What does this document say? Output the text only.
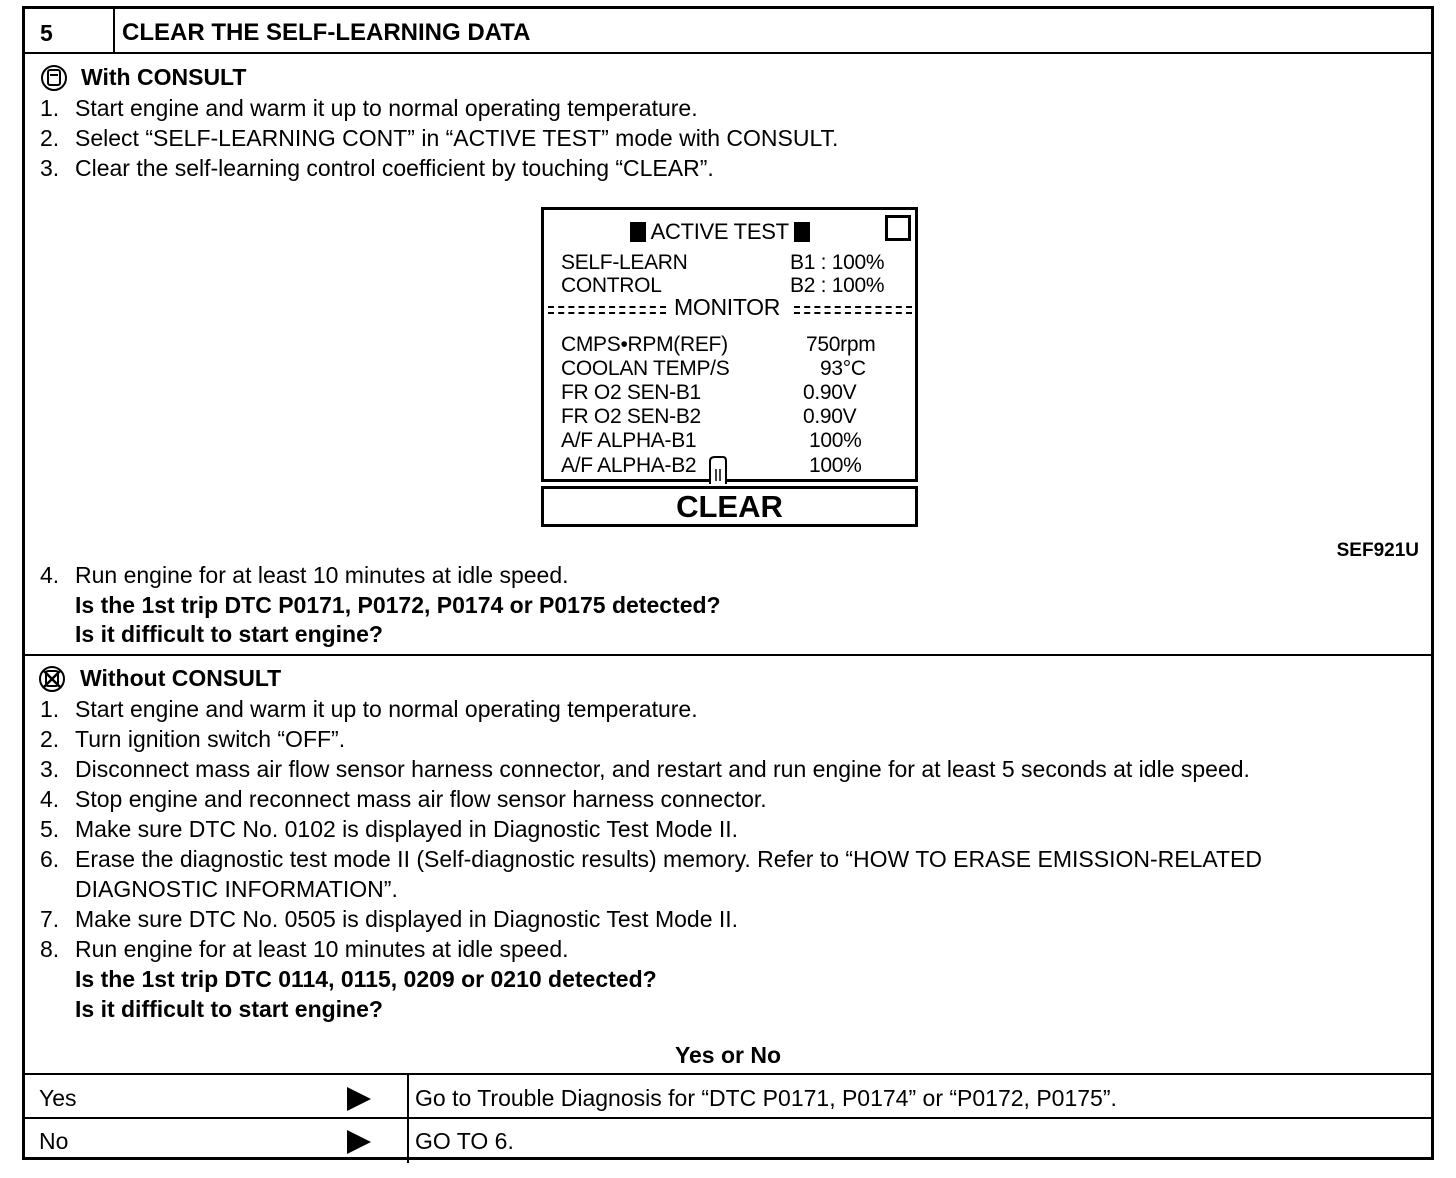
5	CLEAR THE SELF-LEARNING DATA
With CONSULT
1. Start engine and warm it up to normal operating temperature.
2. Select “SELF-LEARNING CONT” in “ACTIVE TEST” mode with CONSULT.
3. Clear the self-learning control coefficient by touching “CLEAR”.
ACTIVE TEST
SELF-LEARN	B1 : 100%
CONTROL	B2 : 100%
MONITOR
CMPS•RPM(REF)	750rpm
COOLAN TEMP/S	93°C
FR O2 SEN-B1	0.90V
FR O2 SEN-B2	0.90V
A/F ALPHA-B1	100%
A/F ALPHA-B2	100%
CLEAR
SEF921U
4. Run engine for at least 10 minutes at idle speed.
Is the 1st trip DTC P0171, P0172, P0174 or P0175 detected?
Is it difficult to start engine?
Without CONSULT
1. Start engine and warm it up to normal operating temperature.
2. Turn ignition switch “OFF”.
3. Disconnect mass air flow sensor harness connector, and restart and run engine for at least 5 seconds at idle speed.
4. Stop engine and reconnect mass air flow sensor harness connector.
5. Make sure DTC No. 0102 is displayed in Diagnostic Test Mode II.
6. Erase the diagnostic test mode II (Self-diagnostic results) memory. Refer to “HOW TO ERASE EMISSION-RELATED
DIAGNOSTIC INFORMATION”.
7. Make sure DTC No. 0505 is displayed in Diagnostic Test Mode II.
8. Run engine for at least 10 minutes at idle speed.
Is the 1st trip DTC 0114, 0115, 0209 or 0210 detected?
Is it difficult to start engine?
Yes or No
Yes	Go to Trouble Diagnosis for “DTC P0171, P0174” or “P0172, P0175”.
No	GO TO 6.
